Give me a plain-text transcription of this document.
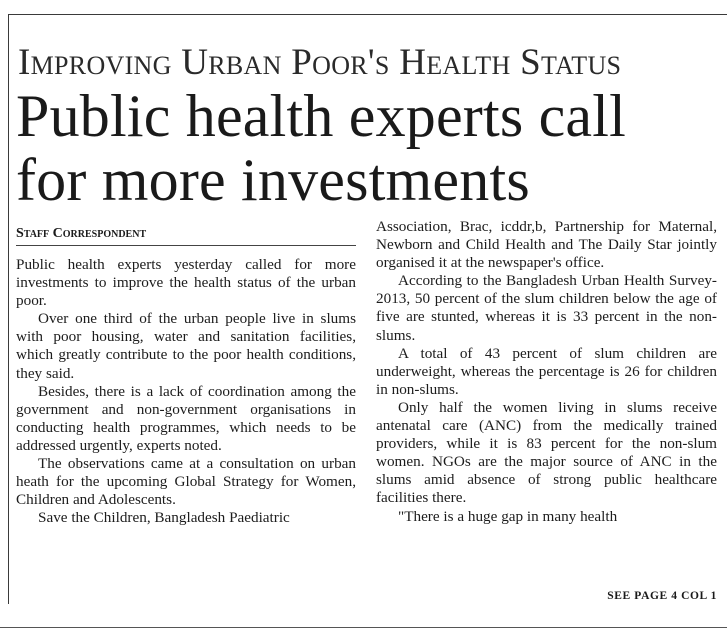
Improving Urban Poor's Health Status
Public health experts call
for more investments
Staff Correspondent

Public health experts yesterday called for more investments to improve the health status of the urban poor.

Over one third of the urban people live in slums with poor housing, water and sanitation facilities, which greatly contribute to the poor health conditions, they said.

Besides, there is a lack of coordination among the government and non-government organisations in conducting health programmes, which needs to be addressed urgently, experts noted.

The observations came at a consultation on urban heath for the upcoming Global Strategy for Women, Children and Adolescents.

Save the Children, Bangladesh Paediatric

Association, Brac, icddr,b, Partnership for Maternal, Newborn and Child Health and The Daily Star jointly organised it at the newspaper's office.

According to the Bangladesh Urban Health Survey-2013, 50 percent of the slum children below the age of five are stunted, whereas it is 33 percent in the non-slums.

A total of 43 percent of slum children are underweight, whereas the percentage is 26 for children in non-slums.

Only half the women living in slums receive antenatal care (ANC) from the medically trained providers, while it is 83 percent for the non-slum women. NGOs are the major source of ANC in the slums amid absence of strong public healthcare facilities there.

"There is a huge gap in many health

SEE PAGE 4 COL 1
